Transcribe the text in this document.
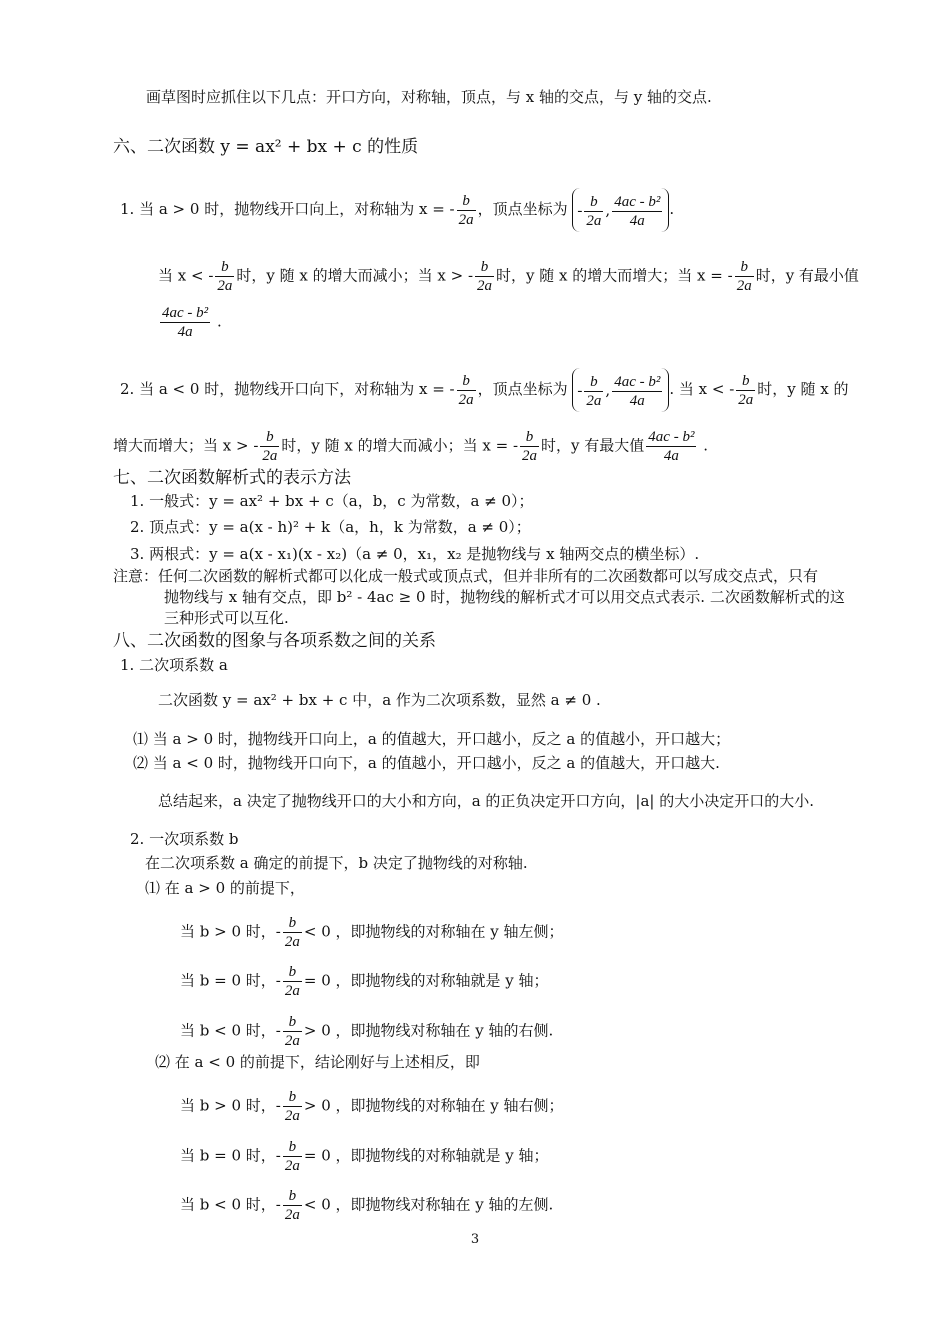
画草图时应抓住以下几点：开口方向，对称轴，顶点，与 x 轴的交点，与 y 轴的交点.
六、二次函数 y = ax² + bx + c 的性质
1. 当 a > 0 时，抛物线开口向上，对称轴为 x = - $\frac{b}{2a}$ ，顶点坐标为 - $\frac{b}{2a}$ , $\frac{\text{4ac - b²}}{4a}$ .
当 x < - $\frac{b}{2a}$ 时，y 随 x 的增大而减小；当 x > - $\frac{b}{2a}$ 时，y 随 x 的增大而增大；当 x = - $\frac{b}{2a}$ 时，y 有最小值
$\frac{\text{4ac - b²}}{4a}$ .
2. 当 a < 0 时，抛物线开口向下，对称轴为 x = - $\frac{b}{2a}$ ，顶点坐标为 - $\frac{b}{2a}$ , $\frac{\text{4ac - b²}}{4a}$ . 当 x < - $\frac{b}{2a}$ 时，y 随 x 的
增大而增大；当 x > - $\frac{b}{2a}$ 时，y 随 x 的增大而减小；当 x = - $\frac{b}{2a}$ 时，y 有最大值 $\frac{\text{4ac - b²}}{4a}$ .
七、二次函数解析式的表示方法
1. 一般式：y = ax² + bx + c（a，b，c 为常数，a ≠ 0）；
2. 顶点式：y = a(x - h)² + k（a，h，k 为常数，a ≠ 0）；
3. 两根式：y = a(x - x₁)(x - x₂)（a ≠ 0，x₁，x₂ 是抛物线与 x 轴两交点的横坐标）.
注意：任何二次函数的解析式都可以化成一般式或顶点式，但并非所有的二次函数都可以写成交点式，只有
抛物线与 x 轴有交点，即 b² - 4ac ≥ 0 时，抛物线的解析式才可以用交点式表示. 二次函数解析式的这
三种形式可以互化.
八、二次函数的图象与各项系数之间的关系
1. 二次项系数 a
二次函数 y = ax² + bx + c 中，a 作为二次项系数，显然 a ≠ 0 .
⑴ 当 a > 0 时，抛物线开口向上，a 的值越大，开口越小，反之 a 的值越小，开口越大；
⑵ 当 a < 0 时，抛物线开口向下，a 的值越小，开口越小，反之 a 的值越大，开口越大.
总结起来，a 决定了抛物线开口的大小和方向，a 的正负决定开口方向，|a| 的大小决定开口的大小.
2. 一次项系数 b
在二次项系数 a 确定的前提下，b 决定了抛物线的对称轴.
⑴ 在 a > 0 的前提下，
当 b > 0 时，- $\frac{b}{2a} < 0$ ，即抛物线的对称轴在 y 轴左侧；
当 b = 0 时，- $\frac{b}{2a} = 0$ ，即抛物线的对称轴就是 y 轴；
当 b < 0 时，- $\frac{b}{2a} > 0$ ，即抛物线对称轴在 y 轴的右侧.
⑵ 在 a < 0 的前提下，结论刚好与上述相反，即
当 b > 0 时，- $\frac{b}{2a} > 0$ ，即抛物线的对称轴在 y 轴右侧；
当 b = 0 时，- $\frac{b}{2a} = 0$ ，即抛物线的对称轴就是 y 轴；
当 b < 0 时，- $\frac{b}{2a} < 0$ ，即抛物线对称轴在 y 轴的左侧.
3
